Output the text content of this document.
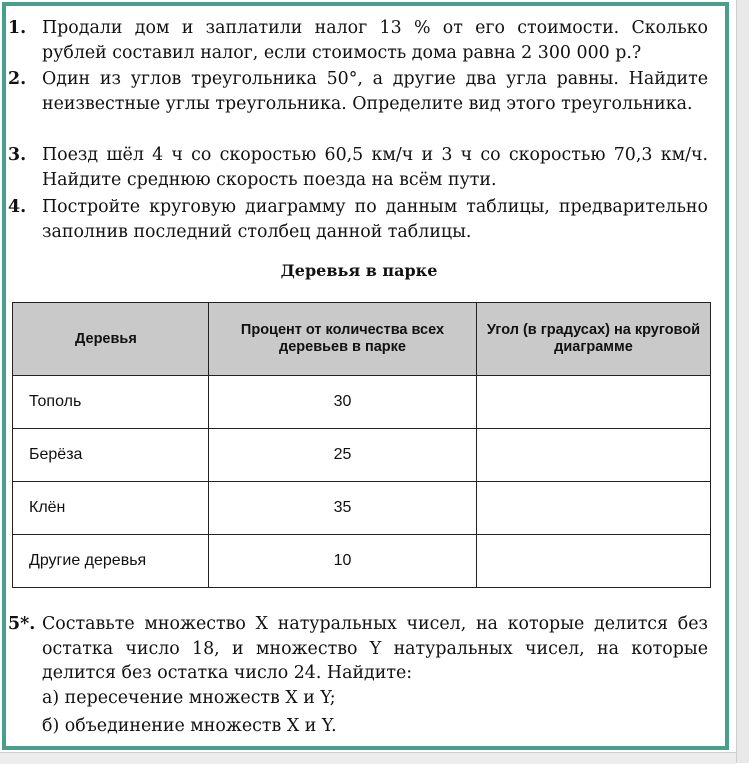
1. Продали дом и заплатили налог 13 % от его стоимости. Сколько рублей составил налог, если стоимость дома равна 2 300 000 р.?
2. Один из углов треугольника 50°, а другие два угла равны. Найдите неизвестные углы треугольника. Определите вид этого треугольника.
3. Поезд шёл 4 ч со скоростью 60,5 км/ч и 3 ч со скоростью 70,3 км/ч. Найдите среднюю скорость поезда на всём пути.
4. Постройте круговую диаграмму по данным таблицы, предварительно заполнив последний столбец данной таблицы.
Деревья в парке
Деревья	Процент от количества всех деревьев в парке	Угол (в градусах) на круговой диаграмме
Тополь	30	
Берёза	25	
Клён	35	
Другие деревья	10	
5*. Составьте множество X натуральных чисел, на которые делится без остатка число 18, и множество Y натуральных чисел, на которые делится без остатка число 24. Найдите:
а) пересечение множеств X и Y;
б) объединение множеств X и Y.
